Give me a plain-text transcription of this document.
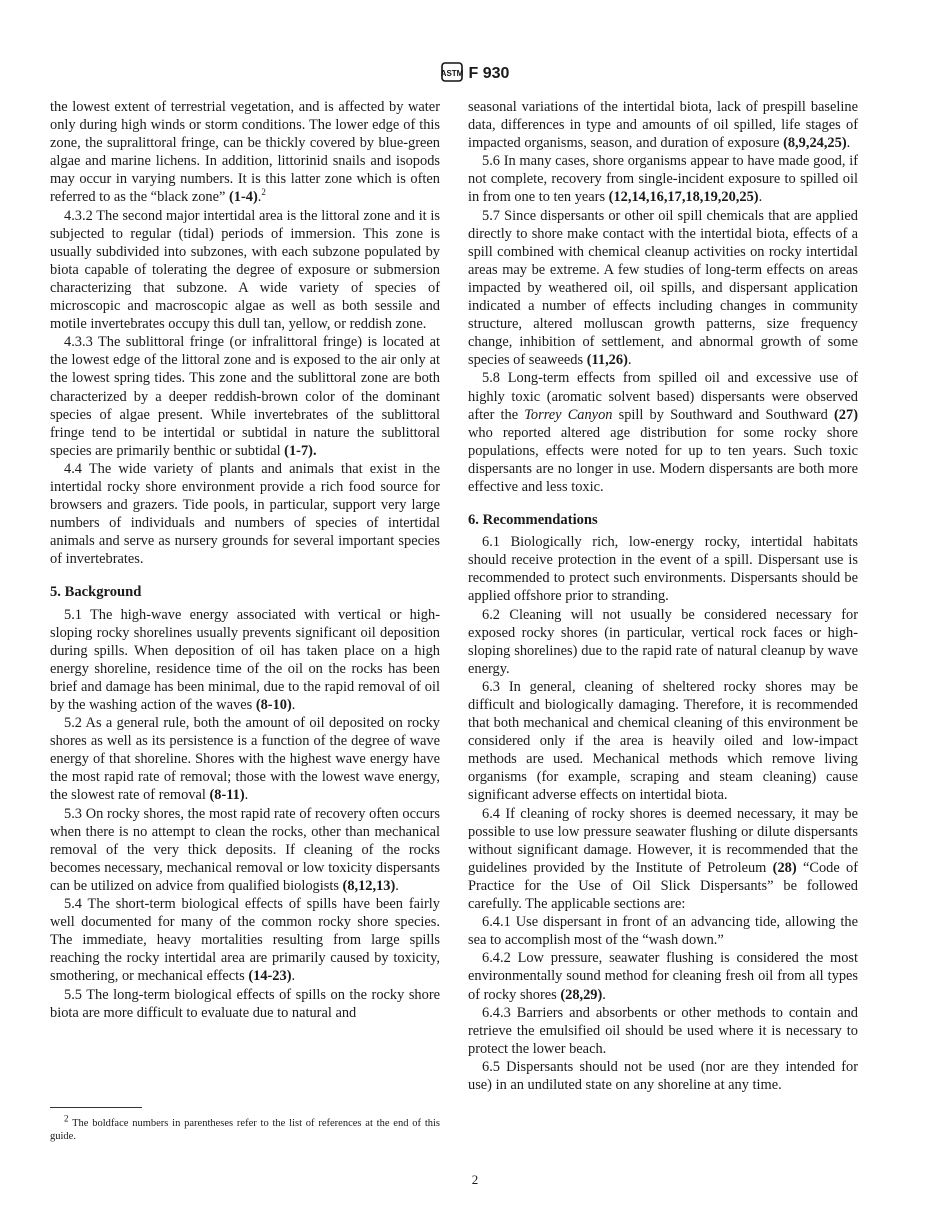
ASTM F 930

the lowest extent of terrestrial vegetation, and is affected by water only during high winds or storm conditions. The lower edge of this zone, the supralittoral fringe, can be thickly covered by blue-green algae and marine lichens. In addition, littorinid snails and isopods may occur in varying numbers. It is this latter zone which is often referred to as the “black zone” (1-4).$^2$

4.3.2 The second major intertidal area is the littoral zone and it is subjected to regular (tidal) periods of immersion. This zone is usually subdivided into subzones, with each subzone populated by biota capable of tolerating the degree of exposure or submersion characterizing that subzone. A wide variety of species of microscopic and macroscopic algae as well as both sessile and motile invertebrates occupy this dull tan, yellow, or reddish zone.

4.3.3 The sublittoral fringe (or infralittoral fringe) is located at the lowest edge of the littoral zone and is exposed to the air only at the lowest spring tides. This zone and the sublittoral zone are both characterized by a deeper reddish-brown color of the dominant species of algae present. While invertebrates of the sublittoral fringe tend to be intertidal or subtidal in nature the sublittoral species are primarily benthic or subtidal (1-7).

4.4 The wide variety of plants and animals that exist in the intertidal rocky shore environment provide a rich food source for browsers and grazers. Tide pools, in particular, support very large numbers of individuals and numbers of species of intertidal animals and serve as nursery grounds for several important species of invertebrates.

5. Background

5.1 The high-wave energy associated with vertical or high-sloping rocky shorelines usually prevents significant oil deposition during spills. When deposition of oil has taken place on a high energy shoreline, residence time of the oil on the rocks has been brief and damage has been minimal, due to the rapid removal of oil by the washing action of the waves (8-10).

5.2 As a general rule, both the amount of oil deposited on rocky shores as well as its persistence is a function of the degree of wave energy of that shoreline. Shores with the highest wave energy have the most rapid rate of removal; those with the lowest wave energy, the slowest rate of removal (8-11).

5.3 On rocky shores, the most rapid rate of recovery often occurs when there is no attempt to clean the rocks, other than mechanical removal of the very thick deposits. If cleaning of the rocks becomes necessary, mechanical removal or low toxicity dispersants can be utilized on advice from qualified biologists (8,12,13).

5.4 The short-term biological effects of spills have been fairly well documented for many of the common rocky shore species. The immediate, heavy mortalities resulting from large spills reaching the rocky intertidal area are primarily caused by toxicity, smothering, or mechanical effects (14-23).

5.5 The long-term biological effects of spills on the rocky shore biota are more difficult to evaluate due to natural and

seasonal variations of the intertidal biota, lack of prespill baseline data, differences in type and amounts of oil spilled, life stages of impacted organisms, season, and duration of exposure (8,9,24,25).

5.6 In many cases, shore organisms appear to have made good, if not complete, recovery from single-incident exposure to spilled oil in from one to ten years (12,14,16,17,18,19,20,25).

5.7 Since dispersants or other oil spill chemicals that are applied directly to shore make contact with the intertidal biota, effects of a spill combined with chemical cleanup activities on rocky intertidal areas may be extreme. A few studies of long-term effects on areas impacted by weathered oil, oil spills, and dispersant application indicated a number of effects including changes in community structure, altered molluscan growth patterns, size frequency change, inhibition of settlement, and abnormal growth of some species of seaweeds (11,26).

5.8 Long-term effects from spilled oil and excessive use of highly toxic (aromatic solvent based) dispersants were observed after the Torrey Canyon spill by Southward and Southward (27) who reported altered age distribution for some rocky shore populations, effects were noted for up to ten years. Such toxic dispersants are no longer in use. Modern dispersants are both more effective and less toxic.

6. Recommendations

6.1 Biologically rich, low-energy rocky, intertidal habitats should receive protection in the event of a spill. Dispersant use is recommended to protect such environments. Dispersants should be applied offshore prior to stranding.

6.2 Cleaning will not usually be considered necessary for exposed rocky shores (in particular, vertical rock faces or high-sloping shorelines) due to the rapid rate of natural cleanup by wave energy.

6.3 In general, cleaning of sheltered rocky shores may be difficult and biologically damaging. Therefore, it is recommended that both mechanical and chemical cleaning of this environment be considered only if the area is heavily oiled and low-impact methods are used. Mechanical methods which remove living organisms (for example, scraping and steam cleaning) cause significant adverse effects on intertidal biota.

6.4 If cleaning of rocky shores is deemed necessary, it may be possible to use low pressure seawater flushing or dilute dispersants without significant damage. However, it is recommended that the guidelines provided by the Institute of Petroleum (28) “Code of Practice for the Use of Oil Slick Dispersants” be followed carefully. The applicable sections are:

6.4.1 Use dispersant in front of an advancing tide, allowing the sea to accomplish most of the “wash down.”

6.4.2 Low pressure, seawater flushing is considered the most environmentally sound method for cleaning fresh oil from all types of rocky shores (28,29).

6.4.3 Barriers and absorbents or other methods to contain and retrieve the emulsified oil should be used where it is necessary to protect the lower beach.

6.5 Dispersants should not be used (nor are they intended for use) in an undiluted state on any shoreline at any time.

$^2$ The boldface numbers in parentheses refer to the list of references at the end of this guide.

2
